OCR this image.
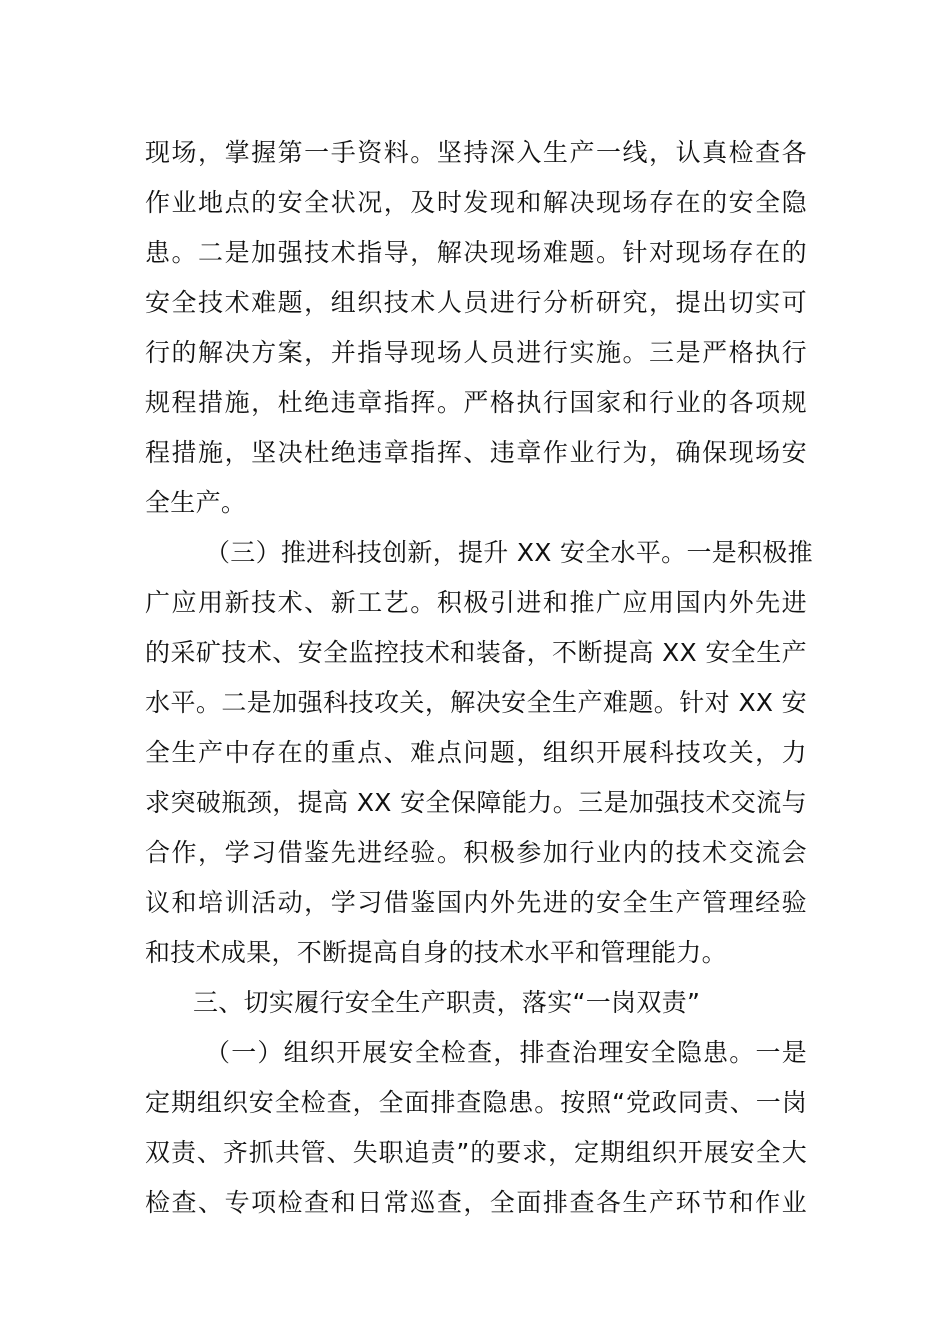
现场，掌握第一手资料。坚持深入生产一线，认真检查各
作业地点的安全状况，及时发现和解决现场存在的安全隐
患。二是加强技术指导，解决现场难题。针对现场存在的
安全技术难题，组织技术人员进行分析研究，提出切实可
行的解决方案，并指导现场人员进行实施。三是严格执行
规程措施，杜绝违章指挥。严格执行国家和行业的各项规
程措施，坚决杜绝违章指挥、违章作业行为，确保现场安
全生产。
（三）推进科技创新，提升 XX 安全水平。一是积极推
广应用新技术、新工艺。积极引进和推广应用国内外先进
的采矿技术、安全监控技术和装备，不断提高 XX 安全生产
水平。二是加强科技攻关，解决安全生产难题。针对 XX 安
全生产中存在的重点、难点问题，组织开展科技攻关，力
求突破瓶颈，提高 XX 安全保障能力。三是加强技术交流与
合作，学习借鉴先进经验。积极参加行业内的技术交流会
议和培训活动，学习借鉴国内外先进的安全生产管理经验
和技术成果，不断提高自身的技术水平和管理能力。
三、切实履行安全生产职责，落实“一岗双责”
（一）组织开展安全检查，排查治理安全隐患。一是
定期组织安全检查，全面排查隐患。按照“党政同责、一岗
双责、齐抓共管、失职追责”的要求，定期组织开展安全大
检查、专项检查和日常巡查，全面排查各生产环节和作业
